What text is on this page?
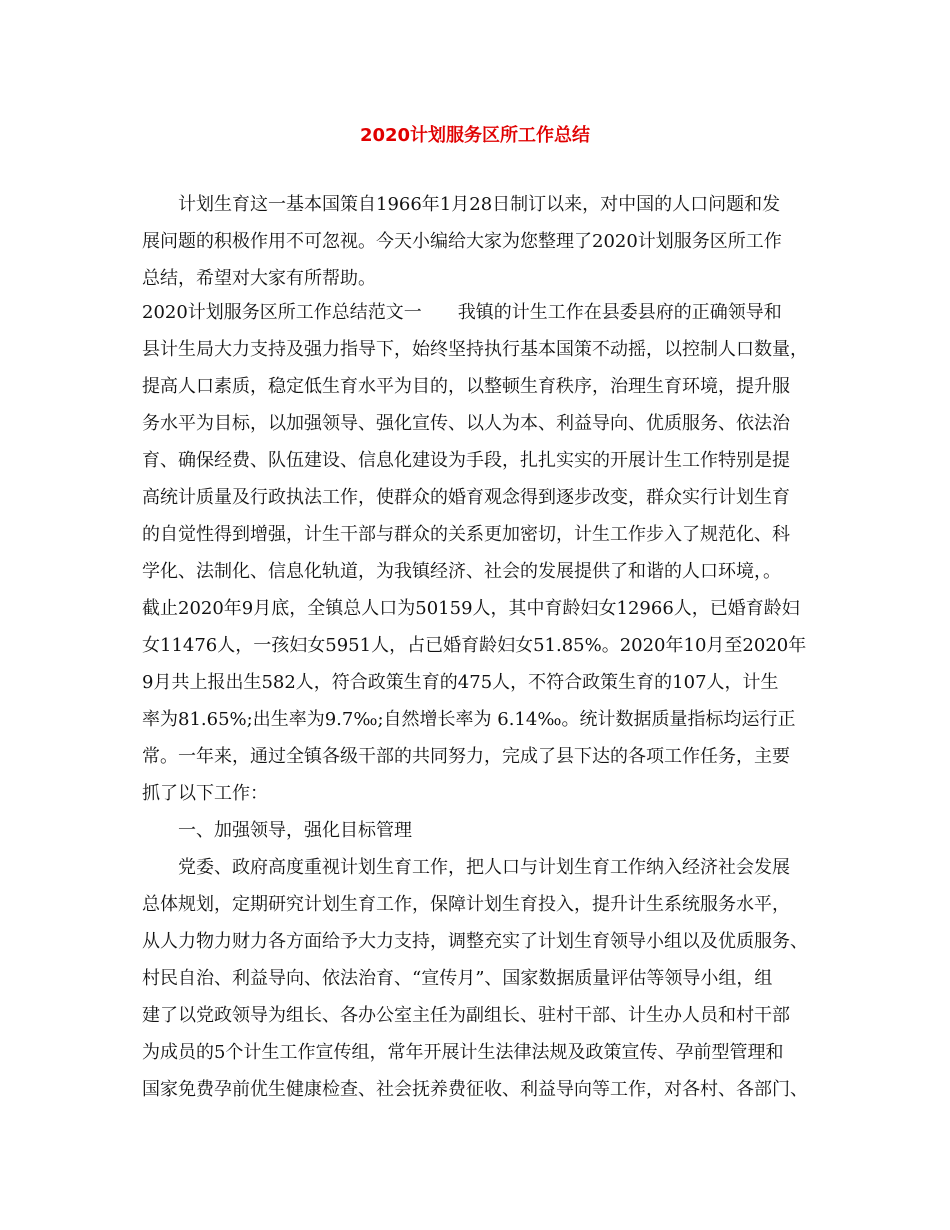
2020计划服务区所工作总结

计划生育这一基本国策自1966年1月28日制订以来，对中国的人口问题和发

展问题的积极作用不可忽视。今天小编给大家为您整理了2020计划服务区所工作

总结，希望对大家有所帮助。

2020计划服务区所工作总结范文一　　我镇的计生工作在县委县府的正确领导和

县计生局大力支持及强力指导下，始终坚持执行基本国策不动摇，以控制人口数量，

提高人口素质，稳定低生育水平为目的，以整顿生育秩序，治理生育环境，提升服

务水平为目标，以加强领导、强化宣传、以人为本、利益导向、优质服务、依法治

育、确保经费、队伍建设、信息化建设为手段，扎扎实实的开展计生工作特别是提

高统计质量及行政执法工作，使群众的婚育观念得到逐步改变，群众实行计划生育

的自觉性得到增强，计生干部与群众的关系更加密切，计生工作步入了规范化、科

学化、法制化、信息化轨道，为我镇经济、社会的发展提供了和谐的人口环境，。

截止2020年9月底，全镇总人口为50159人，其中育龄妇女12966人，已婚育龄妇

女11476人，一孩妇女5951人，占已婚育龄妇女51.85%。2020年10月至2020年

9月共上报出生582人，符合政策生育的475人，不符合政策生育的107人，计生

率为81.65%;出生率为9.7‰;自然增长率为 6.14‰。统计数据质量指标均运行正

常。一年来，通过全镇各级干部的共同努力，完成了县下达的各项工作任务，主要

抓了以下工作：

一、加强领导，强化目标管理

党委、政府高度重视计划生育工作，把人口与计划生育工作纳入经济社会发展

总体规划，定期研究计划生育工作，保障计划生育投入，提升计生系统服务水平，

从人力物力财力各方面给予大力支持，调整充实了计划生育领导小组以及优质服务、

村民自治、利益导向、依法治育、“宣传月”、国家数据质量评估等领导小组，组

建了以党政领导为组长、各办公室主任为副组长、驻村干部、计生办人员和村干部

为成员的5个计生工作宣传组，常年开展计生法律法规及政策宣传、孕前型管理和

国家免费孕前优生健康检查、社会抚养费征收、利益导向等工作，对各村、各部门、
